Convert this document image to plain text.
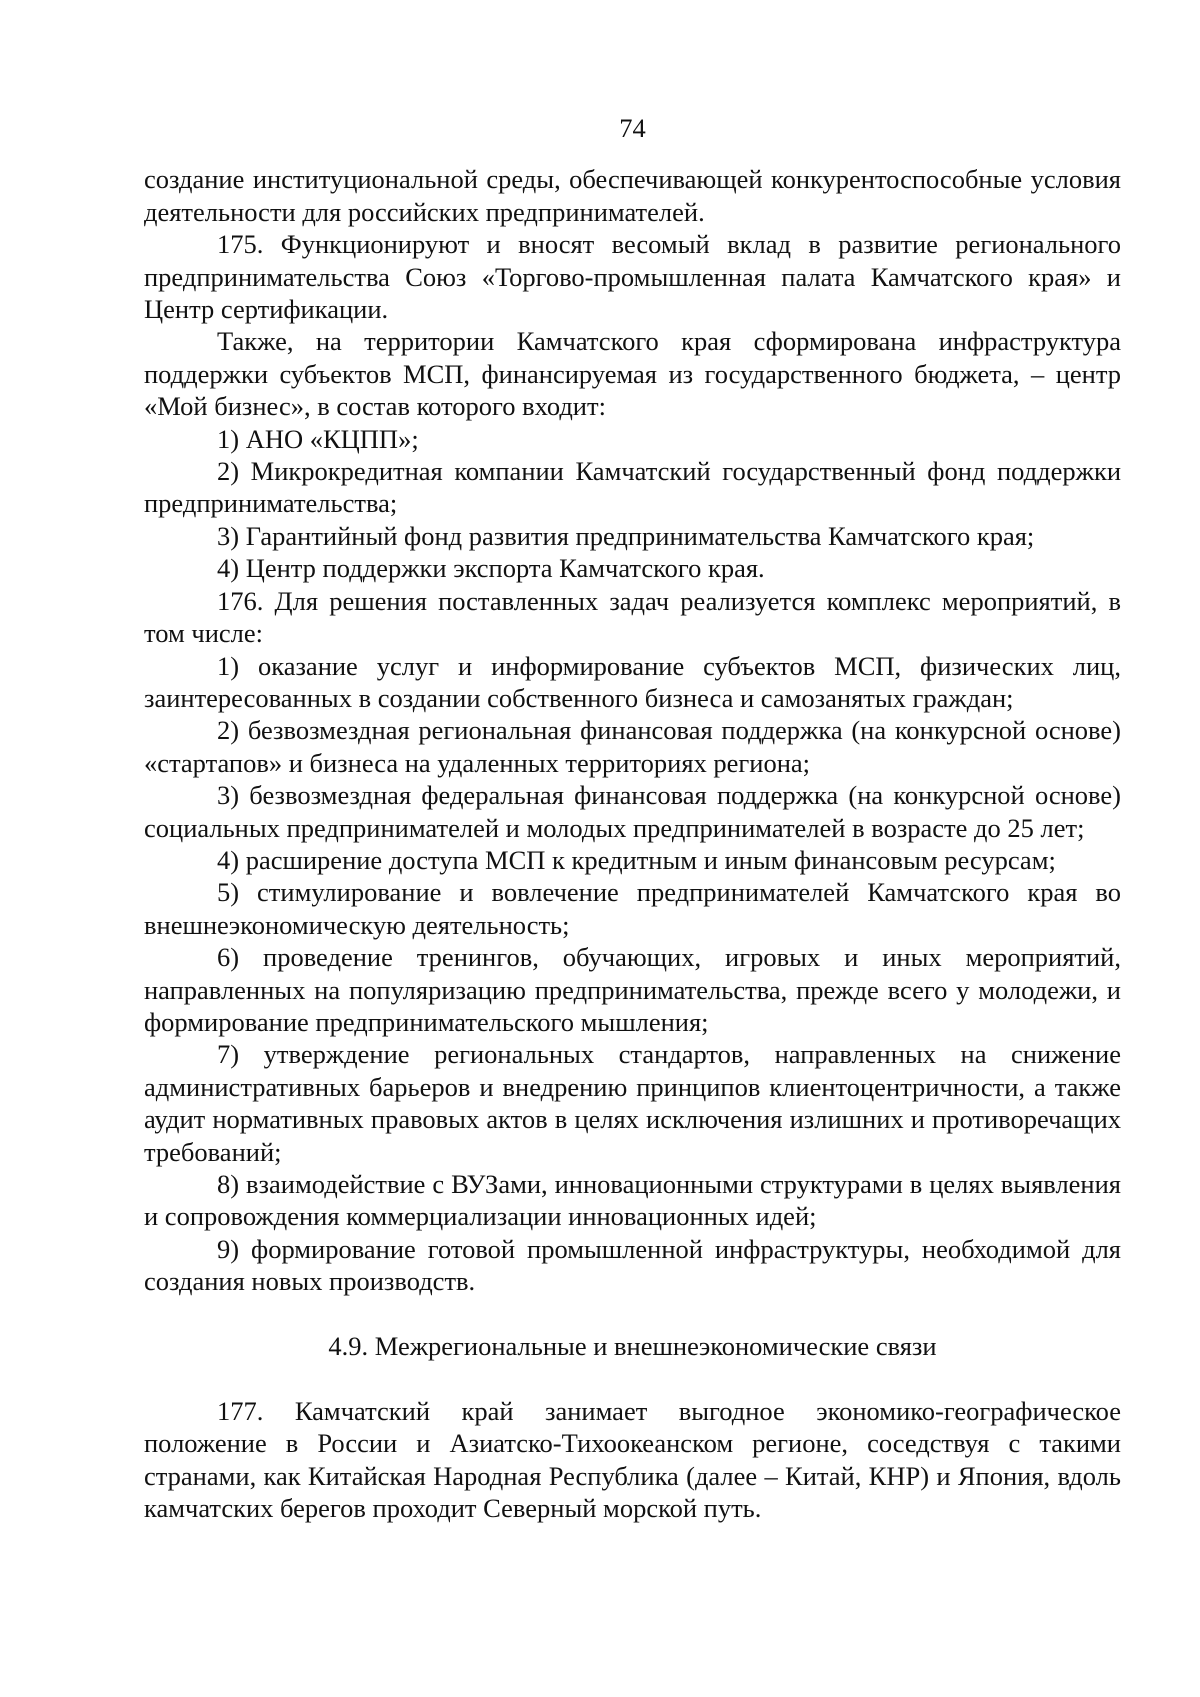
74

создание институциональной среды, обеспечивающей конкурентоспособные условия деятельности для российских предпринимателей.

175. Функционируют и вносят весомый вклад в развитие регионального предпринимательства Союз «Торгово-промышленная палата Камчатского края» и Центр сертификации.

Также, на территории Камчатского края сформирована инфраструктура поддержки субъектов МСП, финансируемая из государственного бюджета, – центр «Мой бизнес», в состав которого входит:

1) АНО «КЦПП»;

2) Микрокредитная компании Камчатский государственный фонд поддержки предпринимательства;

3) Гарантийный фонд развития предпринимательства Камчатского края;

4) Центр поддержки экспорта Камчатского края.

176. Для решения поставленных задач реализуется комплекс мероприятий, в том числе:

1) оказание услуг и информирование субъектов МСП, физических лиц, заинтересованных в создании собственного бизнеса и самозанятых граждан;

2) безвозмездная региональная финансовая поддержка (на конкурсной основе) «стартапов» и бизнеса на удаленных территориях региона;

3) безвозмездная федеральная финансовая поддержка (на конкурсной основе) социальных предпринимателей и молодых предпринимателей в возрасте до 25 лет;

4) расширение доступа МСП к кредитным и иным финансовым ресурсам;

5) стимулирование и вовлечение предпринимателей Камчатского края во внешнеэкономическую деятельность;

6) проведение тренингов, обучающих, игровых и иных мероприятий, направленных на популяризацию предпринимательства, прежде всего у молодежи, и формирование предпринимательского мышления;

7) утверждение региональных стандартов, направленных на снижение административных барьеров и внедрению принципов клиентоцентричности, а также аудит нормативных правовых актов в целях исключения излишних и противоречащих требований;

8) взаимодействие с ВУЗами, инновационными структурами в целях выявления и сопровождения коммерциализации инновационных идей;

9) формирование готовой промышленной инфраструктуры, необходимой для создания новых производств.

4.9. Межрегиональные и внешнеэкономические связи

177. Камчатский край занимает выгодное экономико-географическое положение в России и Азиатско-Тихоокеанском регионе, соседствуя с такими странами, как Китайская Народная Республика (далее – Китай, КНР) и Япония, вдоль камчатских берегов проходит Северный морской путь.
